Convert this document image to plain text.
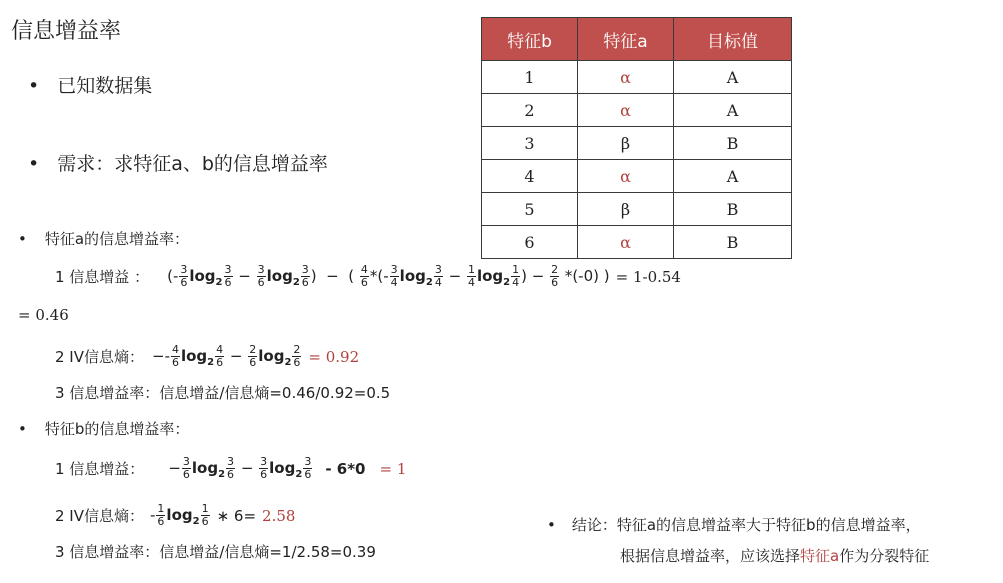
信息增益率
• 已知数据集
• 需求：求特征a、b的信息增益率
• 特征a的信息增益率：
特征b	特征a	目标值
1	α	A
2	α	A
3	β	B
4	α	A
5	β	B
6	α	B
1 信息增益 ： (- $\frac{3}{6} \log_2 \frac{3}{6} - \frac{3}{6} \log_2 \frac{3}{6}$ )  −  ( $\frac{4}{6}$ *(- $\frac{3}{4} \log_2 \frac{3}{4} - \frac{1}{4} \log_2 \frac{1}{4}$ ) − $\frac{2}{6} *(-0)$ ) = 1-0.54
= 0.46
2 IV信息熵： −- $\frac{4}{6} \log_2 \frac{4}{6} - \frac{2}{6} \log_2 \frac{2}{6} = 0.92$
3 信息增益率：信息增益/信息熵=0.46/0.92=0.5
• 特征b的信息增益率：
1 信息增益： − $\frac{3}{6} \log_2 \frac{3}{6} - \frac{3}{6} \log_2 \frac{3}{6} - 6*0 = 1$
2 IV信息熵： - $\frac{1}{6} \log_2 \frac{1}{6}$ ∗ 6= 2.58
3 信息增益率：信息增益/信息熵=1/2.58=0.39
• 结论：特征a的信息增益率大于特征b的信息增益率，
根据信息增益率，应该选择 特征a 作为分裂特征
